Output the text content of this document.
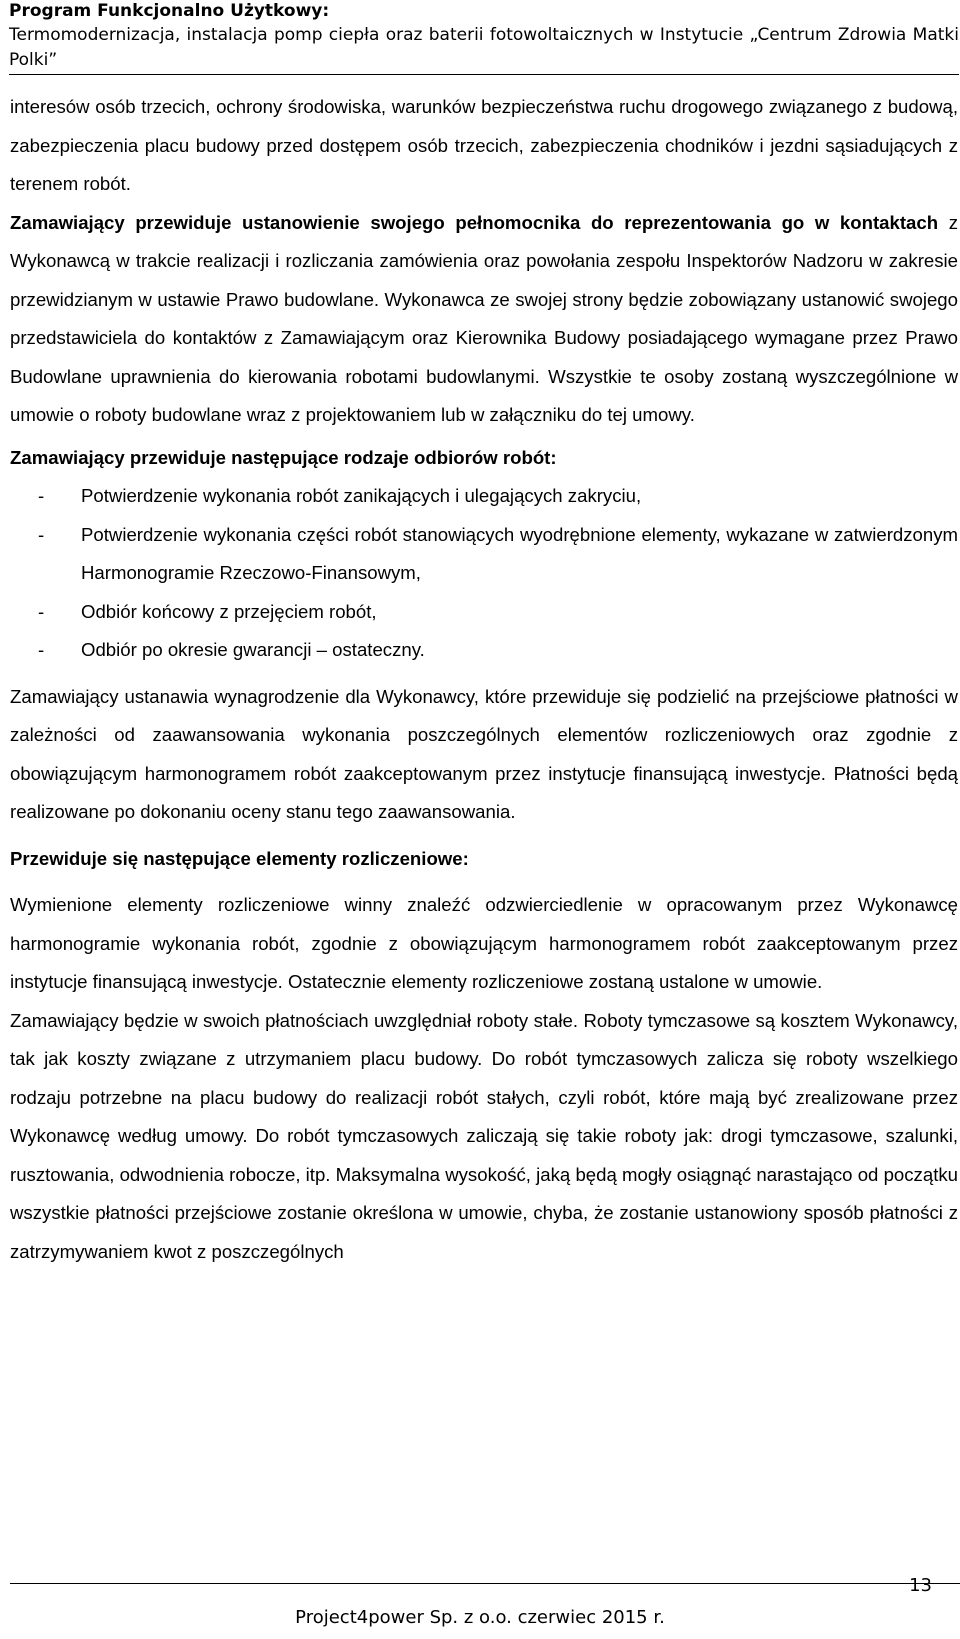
Program Funkcjonalno Użytkowy:
Termomodernizacja, instalacja pomp ciepła oraz baterii fotowoltaicznych w Instytucie „Centrum Zdrowia Matki Polki”

interesów osób trzecich, ochrony środowiska, warunków bezpieczeństwa ruchu drogowego związanego z budową, zabezpieczenia placu budowy przed dostępem osób trzecich, zabezpieczenia chodników i jezdni sąsiadujących z terenem robót.

Zamawiający przewiduje ustanowienie swojego pełnomocnika do reprezentowania go w kontaktach z Wykonawcą w trakcie realizacji i rozliczania zamówienia oraz powołania zespołu Inspektorów Nadzoru w zakresie przewidzianym w ustawie Prawo budowlane. Wykonawca ze swojej strony będzie zobowiązany ustanowić swojego przedstawiciela do kontaktów z Zamawiającym oraz Kierownika Budowy posiadającego wymagane przez Prawo Budowlane uprawnienia do kierowania robotami budowlanymi. Wszystkie te osoby zostaną wyszczególnione w umowie o roboty budowlane wraz z projektowaniem lub w załączniku do tej umowy.

Zamawiający przewiduje następujące rodzaje odbiorów robót:

- Potwierdzenie wykonania robót zanikających i ulegających zakryciu,
- Potwierdzenie wykonania części robót stanowiących wyodrębnione elementy, wykazane w zatwierdzonym Harmonogramie Rzeczowo-Finansowym,
- Odbiór końcowy z przejęciem robót,
- Odbiór po okresie gwarancji – ostateczny.

Zamawiający ustanawia wynagrodzenie dla Wykonawcy, które przewiduje się podzielić na przejściowe płatności w zależności od zaawansowania wykonania poszczególnych elementów rozliczeniowych oraz zgodnie z obowiązującym harmonogramem robót zaakceptowanym przez instytucje finansującą inwestycje. Płatności będą realizowane po dokonaniu oceny stanu tego zaawansowania.

Przewiduje się następujące elementy rozliczeniowe:

Wymienione elementy rozliczeniowe winny znaleźć odzwierciedlenie w opracowanym przez Wykonawcę harmonogramie wykonania robót, zgodnie z obowiązującym harmonogramem robót zaakceptowanym przez instytucje finansującą inwestycje. Ostatecznie elementy rozliczeniowe zostaną ustalone w umowie.

Zamawiający będzie w swoich płatnościach uwzględniał roboty stałe. Roboty tymczasowe są kosztem Wykonawcy, tak jak koszty związane z utrzymaniem placu budowy. Do robót tymczasowych zalicza się roboty wszelkiego rodzaju potrzebne na placu budowy do realizacji robót stałych, czyli robót, które mają być zrealizowane przez Wykonawcę według umowy. Do robót tymczasowych zaliczają się takie roboty jak: drogi tymczasowe, szalunki, rusztowania, odwodnienia robocze, itp. Maksymalna wysokość, jaką będą mogły osiągnąć narastająco od początku wszystkie płatności przejściowe zostanie określona w umowie, chyba, że zostanie ustanowiony sposób płatności z zatrzymywaniem kwot z poszczególnych

13
Project4power Sp. z o.o. czerwiec 2015 r.
